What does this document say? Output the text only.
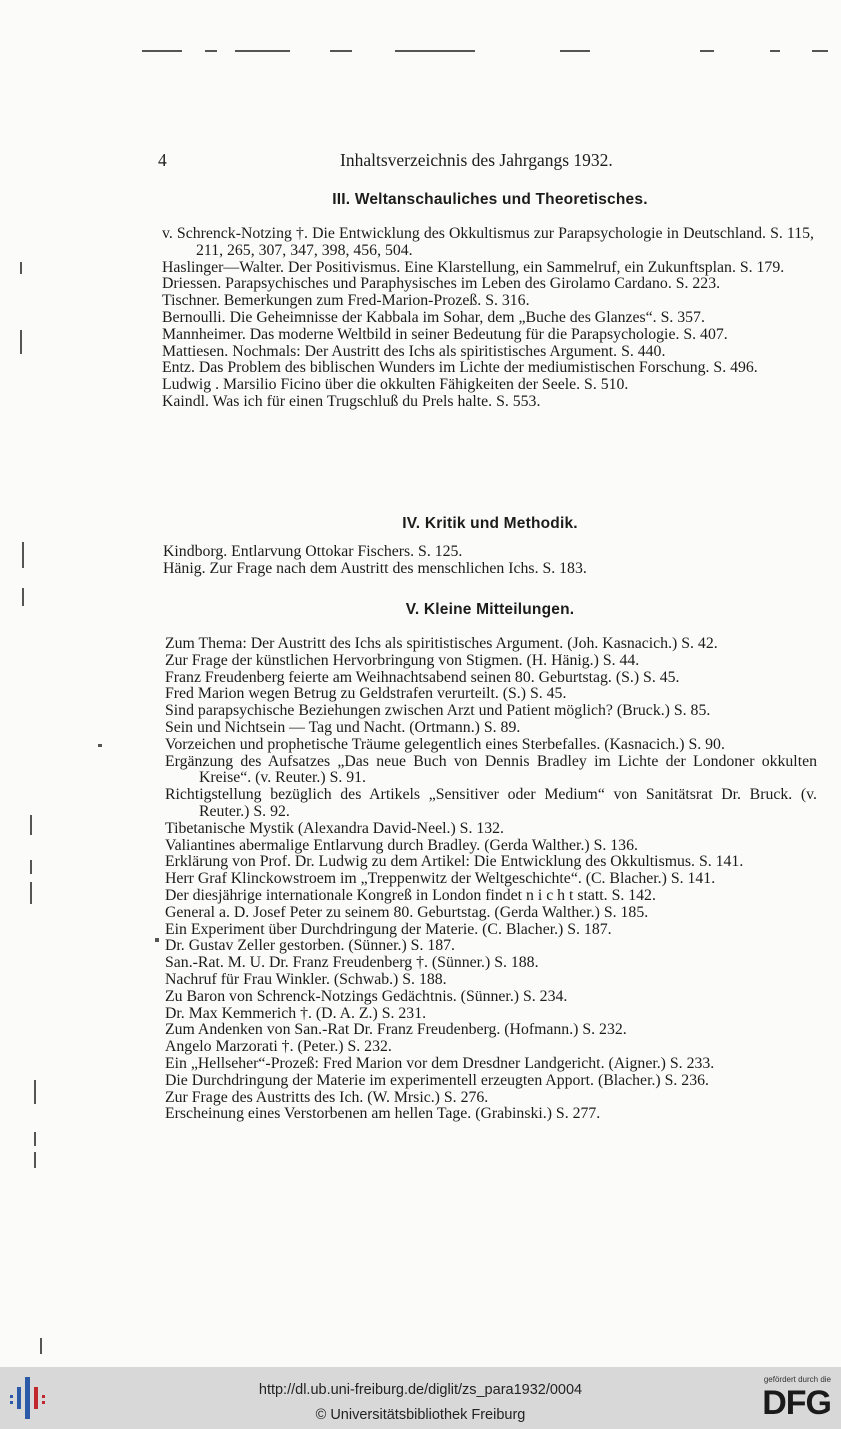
4	Inhaltsverzeichnis des Jahrgangs 1932.
III. Weltanschauliches und Theoretisches.
v. Schrenck-Notzing †. Die Entwicklung des Okkultismus zur Parapsychologie in Deutschland. S. 115, 211, 265, 307, 347, 398, 456, 504.
Haslinger—Walter. Der Positivismus. Eine Klarstellung, ein Sammelruf, ein Zukunftsplan. S. 179.
Driessen. Parapsychisches und Paraphysisches im Leben des Girolamo Cardano. S. 223.
Tischner. Bemerkungen zum Fred-Marion-Prozeß. S. 316.
Bernoulli. Die Geheimnisse der Kabbala im Sohar, dem „Buche des Glanzes“. S. 357.
Mannheimer. Das moderne Weltbild in seiner Bedeutung für die Parapsychologie. S. 407.
Mattiesen. Nochmals: Der Austritt des Ichs als spiritistisches Argument. S. 440.
Entz. Das Problem des biblischen Wunders im Lichte der mediumistischen Forschung. S. 496.
Ludwig . Marsilio Ficino über die okkulten Fähigkeiten der Seele. S. 510.
Kaindl. Was ich für einen Trugschluß du Prels halte. S. 553.
IV. Kritik und Methodik.
Kindborg. Entlarvung Ottokar Fischers. S. 125.
Hänig. Zur Frage nach dem Austritt des menschlichen Ichs. S. 183.
V. Kleine Mitteilungen.
Zum Thema: Der Austritt des Ichs als spiritistisches Argument. (Joh. Kasnacich.) S. 42.
Zur Frage der künstlichen Hervorbringung von Stigmen. (H. Hänig.) S. 44.
Franz Freudenberg feierte am Weihnachtsabend seinen 80. Geburtstag. (S.) S. 45.
Fred Marion wegen Betrug zu Geldstrafen verurteilt. (S.) S. 45.
Sind parapsychische Beziehungen zwischen Arzt und Patient möglich? (Bruck.) S. 85.
Sein und Nichtsein — Tag und Nacht. (Ortmann.) S. 89.
Vorzeichen und prophetische Träume gelegentlich eines Sterbefalles. (Kasnacich.) S. 90.
Ergänzung des Aufsatzes „Das neue Buch von Dennis Bradley im Lichte der Londoner okkulten Kreise“. (v. Reuter.) S. 91.
Richtigstellung bezüglich des Artikels „Sensitiver oder Medium“ von Sanitätsrat Dr. Bruck. (v. Reuter.) S. 92.
Tibetanische Mystik (Alexandra David-Neel.) S. 132.
Valiantines abermalige Entlarvung durch Bradley. (Gerda Walther.) S. 136.
Erklärung von Prof. Dr. Ludwig zu dem Artikel: Die Entwicklung des Okkultismus. S. 141.
Herr Graf Klinckowstroem im „Treppenwitz der Weltgeschichte“. (C. Blacher.) S. 141.
Der diesjährige internationale Kongreß in London findet n i c h t statt. S. 142.
General a. D. Josef Peter zu seinem 80. Geburtstag. (Gerda Walther.) S. 185.
Ein Experiment über Durchdringung der Materie. (C. Blacher.) S. 187.
Dr. Gustav Zeller gestorben. (Sünner.) S. 187.
San.-Rat. M. U. Dr. Franz Freudenberg †. (Sünner.) S. 188.
Nachruf für Frau Winkler. (Schwab.) S. 188.
Zu Baron von Schrenck-Notzings Gedächtnis. (Sünner.) S. 234.
Dr. Max Kemmerich †. (D. A. Z.) S. 231.
Zum Andenken von San.-Rat Dr. Franz Freudenberg. (Hofmann.) S. 232.
Angelo Marzorati †. (Peter.) S. 232.
Ein „Hellseher“-Prozeß: Fred Marion vor dem Dresdner Landgericht. (Aigner.) S. 233.
Die Durchdringung der Materie im experimentell erzeugten Apport. (Blacher.) S. 236.
Zur Frage des Austritts des Ich. (W. Mrsic.) S. 276.
Erscheinung eines Verstorbenen am hellen Tage. (Grabinski.) S. 277.
http://dl.ub.uni-freiburg.de/diglit/zs_para1932/0004
© Universitätsbibliothek Freiburg
gefördert durch die
DFG
